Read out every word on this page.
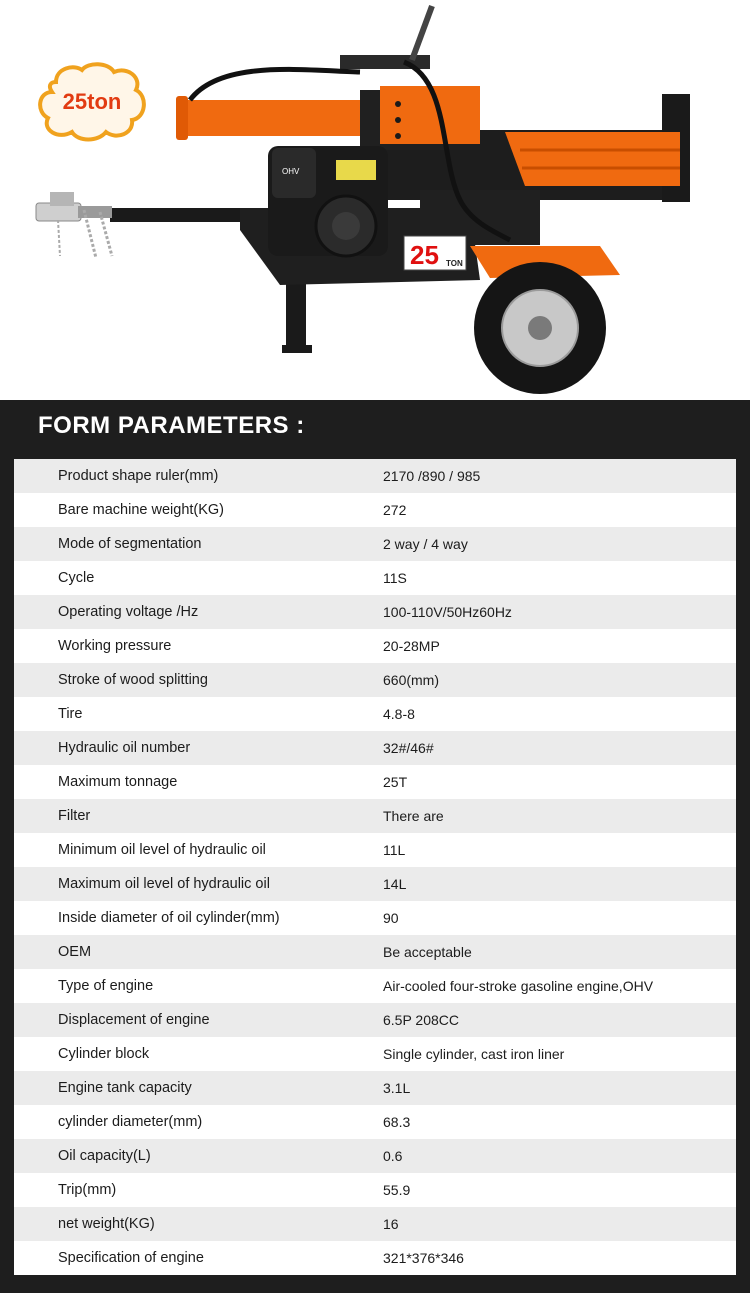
OHV
25 TON
25ton
FORM PARAMETERS :
Product shape ruler(mm)	2170 /890 / 985
Bare machine weight(KG)	272
Mode of segmentation	2 way / 4 way
Cycle	11S
Operating voltage /Hz	100-110V/50Hz60Hz
Working pressure	20-28MP
Stroke of wood splitting	660(mm)
Tire	4.8-8
Hydraulic oil number	32#/46#
Maximum tonnage	25T
Filter	There are
Minimum oil level of hydraulic oil	11L
Maximum oil level of hydraulic oil	14L
Inside diameter of oil cylinder(mm)	90
OEM	Be acceptable
Type of engine	Air-cooled four-stroke gasoline engine,OHV
Displacement of engine	6.5P 208CC
Cylinder block	Single cylinder, cast iron liner
Engine tank capacity	3.1L
cylinder diameter(mm)	68.3
Oil capacity(L)	0.6
Trip(mm)	55.9
net weight(KG)	16
Specification of engine	321*376*346
